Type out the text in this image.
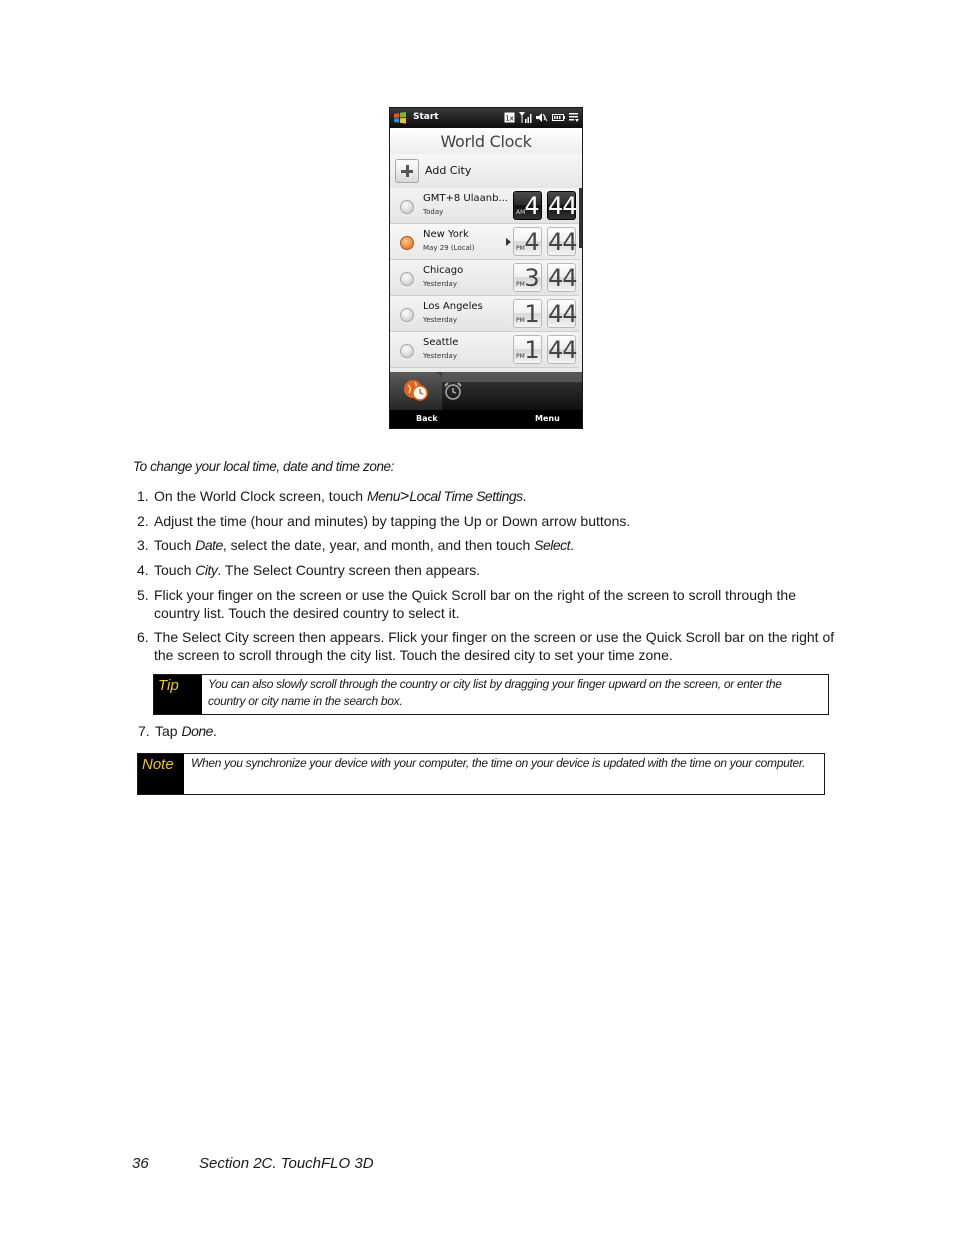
Start	1x
World Clock
Add City
GMT+8 Ulaanb...
Today	AM 4 44
New York
May 29 (Local)	PM 4 44
Chicago
Yesterday	PM 3 44
Los Angeles
Yesterday	PM 1 44
Seattle
Yesterday	PM 1 44
Back	Menu
To change your local time, date and time zone:
1. On the World Clock screen, touch Menu>Local Time Settings.
2. Adjust the time (hour and minutes) by tapping the Up or Down arrow buttons.
3. Touch Date, select the date, year, and month, and then touch Select.
4. Touch City. The Select Country screen then appears.
5. Flick your finger on the screen or use the Quick Scroll bar on the right of the screen to scroll through the country list. Touch the desired country to select it.
6. The Select City screen then appears. Flick your finger on the screen or use the Quick Scroll bar on the right of the screen to scroll through the city list. Touch the desired city to set your time zone.
Tip	You can also slowly scroll through the country or city list by dragging your finger upward on the screen, or enter the country or city name in the search box.
7. Tap Done.
Note	When you synchronize your device with your computer, the time on your device is updated with the time on your computer.
36	Section 2C. TouchFLO 3D
